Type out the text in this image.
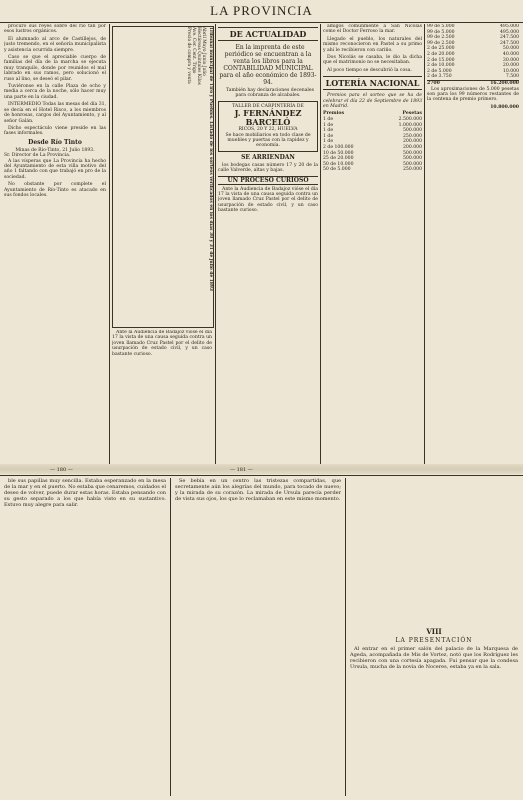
LA PROVINCIA

procuró sus reyes sobre del río tan por esos lustros orgánicos.

El alumnado al arco de Castillejos, de justo tremendo, en el señoría municipalista y asistencia ocurrida siempre.

Caso se que el apreciable cuerpo de familias del día de la marcha se ejecuta muy tranquilo, donde por reunidos el mal labrado en sus ramos, pero solucionó el ruso al lino, se deseó el pilar.

Tuviéronse en la calle Plaza de ocho y media a cerca de la noche, sólo hacer muy una parte en la ciudad.

INTERMEDIO Todas las mesas del día 31, se decía en el Hotel Risco, a los miembros de honrosas, cargos del Ayuntamiento, y al señor Galán.

Dicho espectáculo viene preside en las fases informales.

Desde Río Tinto
Minas de Río-Tinto, 21 Julio 1893.
Sr. Director de La Provincia.

A las vísperas que La Provincia ha hecho del Ayuntamiento de esta villa motivo del año 1 faltando con que trabajó en pro de la sociedad.

No obstante por complete el Ayuntamiento de Río-Tinto es atacado en sus fondos locales.	Tribunal municipal de Tiro y Pueblos. Listado de los sorteos verificados en los días 30 y 31 de julio de 1893
Abril Mayo Junio Julio
Hectáreas Quintales Kilos
Ave. Cer. Cent. Trigo
Precio de compra y venta

Ante la Audiencia de Badajoz vióse el día 17 la vista de una causa seguida contra un joven llamado Cruz Pastel por el delito de usurpación de estado civil, y un caso bastante curioso.

DE ACTUALIDAD

En la imprenta de este periódico se encuentran a la venta los libros para la CONTABILIDAD MUNICIPAL para el año económico de 1893-94.

También hay declaraciones decenales para cobranza de alcabales.

TALLER DE CARPINTERÍA DE
J. FERNÁNDEZ BARCELÓ
RICOS, 20 Y 22, HUELVA
Se hace mobiliarios en todo clase de muebles y puertas con la rapidez y economía.
SE ARRIENDAN

los bodegas casas número 17 y 20 de la calle Valverde, altas y bajas.

UN PROCESO CURIOSO

Ante la Audiencia de Badajoz vióse el día 17 la vista de una causa seguida contra un joven llamado Cruz Pastel por el delito de usurpación de estado civil, y un caso bastante curioso.

amigos comúnmente a San Nicolás como el Doctor Ferroso la mar.

Llegado el pueblo, los naturales del mismo reconocieron en Pastel a su primo y ahí le recibieron con cariño.

Dos Nicolás se casaba, le dio la dicha que el matrimonio no se necesitaban.

Al poco tiempo se descubrió la cosa.

LOTERÍA NACIONAL

Premios para el sorteo que se ha de celebrar el día 22 de Septiembre de 1893 en Madrid.

Premios	Pesetas
1 de	2.500.000
1 de	1.000.000
1 de	500.000
1 de	250.000
1 de	200.000
2 de 100.000	200.000
10 de 50.000	500.000
25 de 20.000	500.000
50 de 10.000	500.000
50 de 5.000	250.000
99 de 5.000	495.000
99 de 5.000	495.000
99 de 2.500	247.500
99 de 2.500	247.500
2 de 25.000	50.000
2 de 20.000	40.000
2 de 15.000	30.000
2 de 10.000	20.000
2 de 5.000	10.000
2 de 3.750	7.500
2700	16.200.000

Los aproximaciones de 5.000 pesetas son para los 99 números restantes de la centena de premio primero.

10.800.000
— 180 —	— 181 —

ble sus papillas muy sencilla. Estaba esperanzado en la mesa de la mar y en el puerto. No estaba que cenaremos, cuidados el deseo de volver, puede durar estas horas. Estaba pensando con su gesto separado a los que había visto en su sustantivo. Estuvo muy alegre para salir.

Se bebía en un centro las tristezas compartidas, que secretamente aún los alegrías del mundo, para tocado de nuevo; y la mirada de su corazón. La mirada de Ursula parecía perder de vista sus ojos, los que lo reclamaban en este mismo momento.

VIII
LA PRESENTACIÓN

Al entrar en el primer salón del palacio de la Marquesa de Ageda, acompañada de Mis de Vortez, notó que los Rodríguez les recibieron con una cortesía apagada. Fui pensar que la condesa Ursula, mucha de la novia de Noceres, estaba ya en la sala.
